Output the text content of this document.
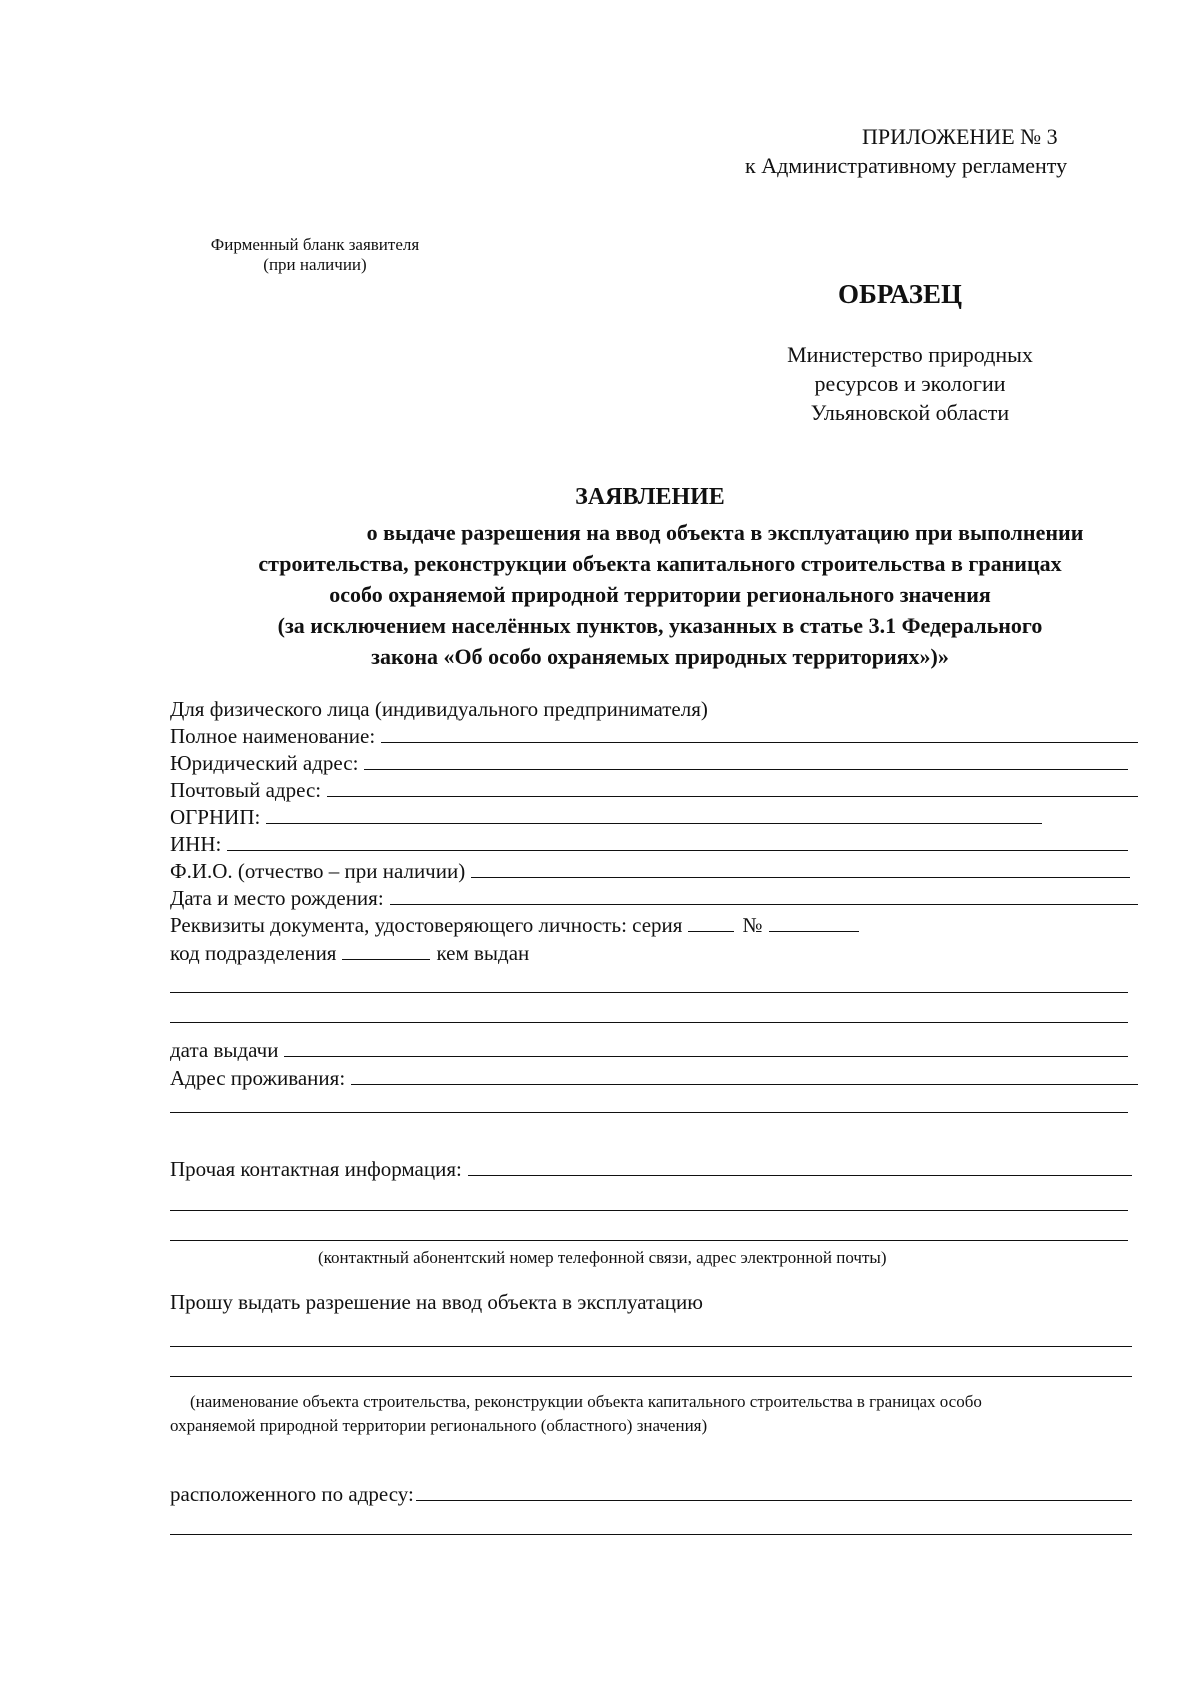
ПРИЛОЖЕНИЕ № 3
к Административному регламенту
Фирменный бланк заявителя
(при наличии)
ОБРАЗЕЦ
Министерство природных
ресурсов и экологии
Ульяновской области
ЗАЯВЛЕНИЕ
о выдаче разрешения на ввод объекта в эксплуатацию при выполнении
строительства, реконструкции объекта капитального строительства в границах
особо охраняемой природной территории регионального значения
(за исключением населённых пунктов, указанных в статье 3.1 Федерального
закона «Об особо охраняемых природных территориях»)»
Для физического лица (индивидуального предпринимателя)
Полное наименование:
Юридический адрес:
Почтовый адрес:
ОГРНИП:
ИНН:
Ф.И.О. (отчество – при наличии)
Дата и место рождения:
Реквизиты документа, удостоверяющего личность: серия	№
код подразделения	кем выдан
дата выдачи
Адрес проживания:
Прочая контактная информация:
(контактный абонентский номер телефонной связи, адрес электронной почты)
Прошу выдать разрешение на ввод объекта в эксплуатацию
(наименование объекта строительства, реконструкции объекта капитального строительства в границах особо
охраняемой природной территории регионального (областного) значения)
расположенного по адресу:
